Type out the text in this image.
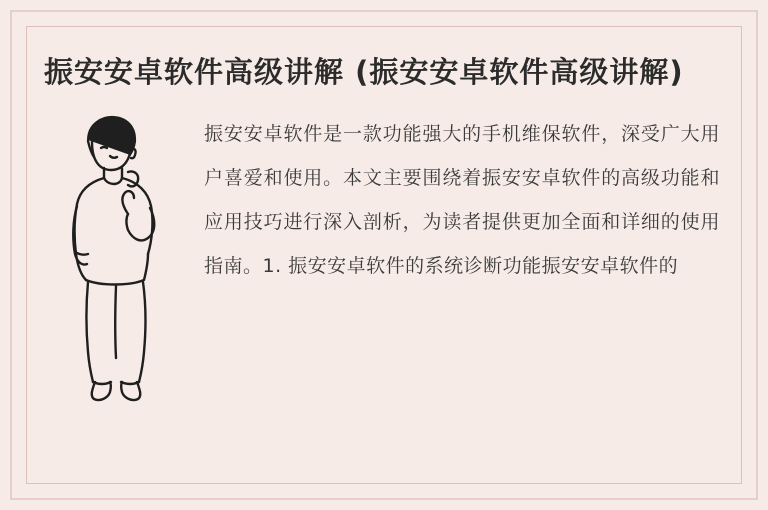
振安安卓软件高级讲解 (振安安卓软件高级讲解)
振安安卓软件是一款功能强大的手机维保软件，深受广大用户喜爱和使用。本文主要围绕着振安安卓软件的高级功能和应用技巧进行深入剖析，为读者提供更加全面和详细的使用指南。1. 振安安卓软件的系统诊断功能振安安卓软件的
